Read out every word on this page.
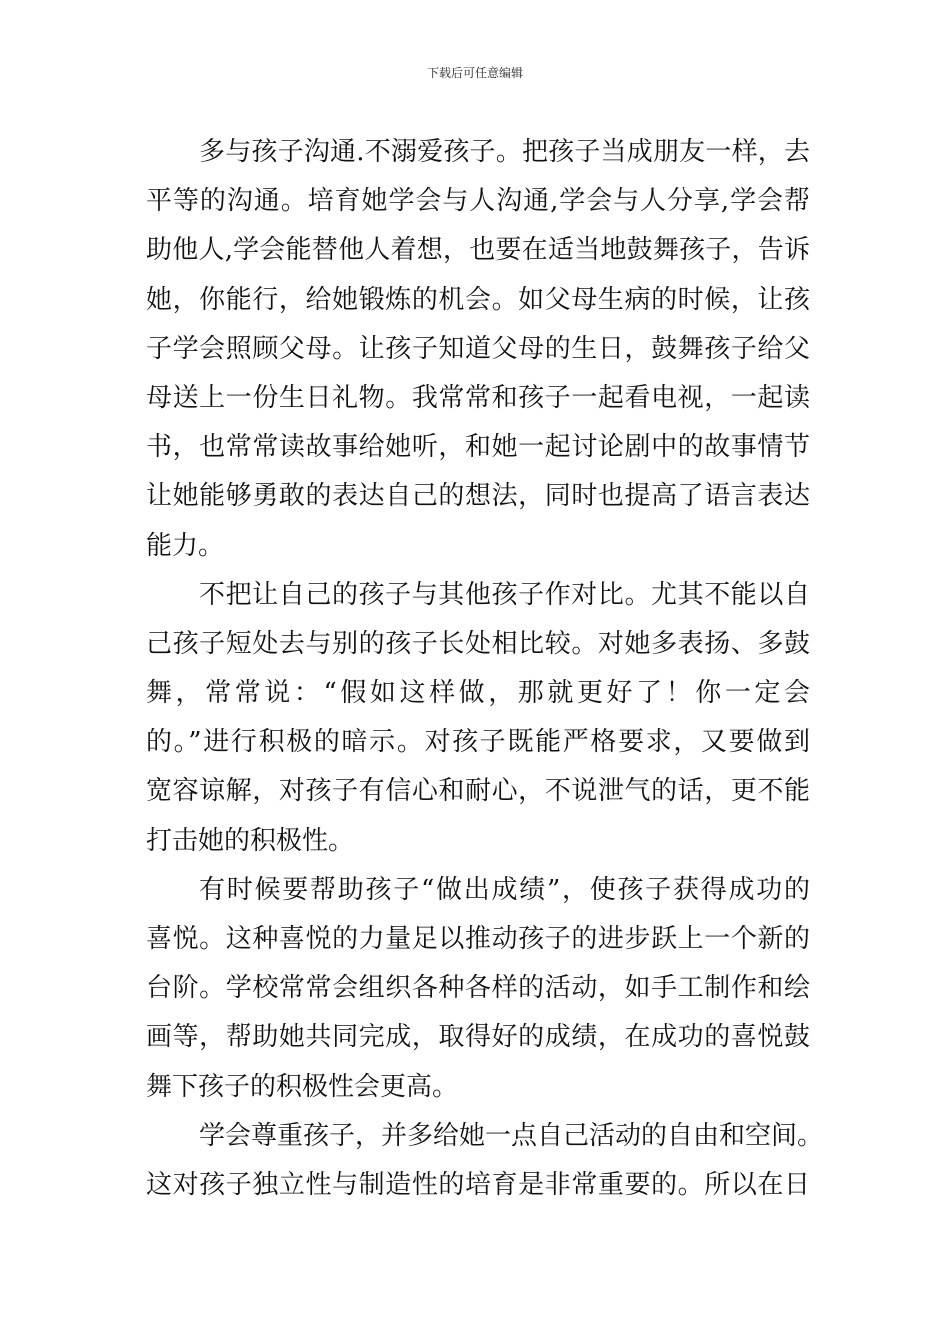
下载后可任意编辑
多与孩子沟通.不溺爱孩子。把孩子当成朋友一样，去
平等的沟通。培育她学会与人沟通,学会与人分享,学会帮
助他人,学会能替他人着想，也要在适当地鼓舞孩子，告诉
她，你能行，给她锻炼的机会。如父母生病的时候，让孩
子学会照顾父母。让孩子知道父母的生日，鼓舞孩子给父
母送上一份生日礼物。我常常和孩子一起看电视，一起读
书，也常常读故事给她听，和她一起讨论剧中的故事情节
让她能够勇敢的表达自己的想法，同时也提高了语言表达
能力。
不把让自己的孩子与其他孩子作对比。尤其不能以自
己孩子短处去与别的孩子长处相比较。对她多表扬、多鼓
舞，常常说：“假如这样做，那就更好了！你一定会
的。”进行积极的暗示。对孩子既能严格要求，又要做到
宽容谅解，对孩子有信心和耐心，不说泄气的话，更不能
打击她的积极性。
有时候要帮助孩子“做出成绩”，使孩子获得成功的
喜悦。这种喜悦的力量足以推动孩子的进步跃上一个新的
台阶。学校常常会组织各种各样的活动，如手工制作和绘
画等，帮助她共同完成，取得好的成绩，在成功的喜悦鼓
舞下孩子的积极性会更高。
学会尊重孩子，并多给她一点自己活动的自由和空间。
这对孩子独立性与制造性的培育是非常重要的。所以在日
